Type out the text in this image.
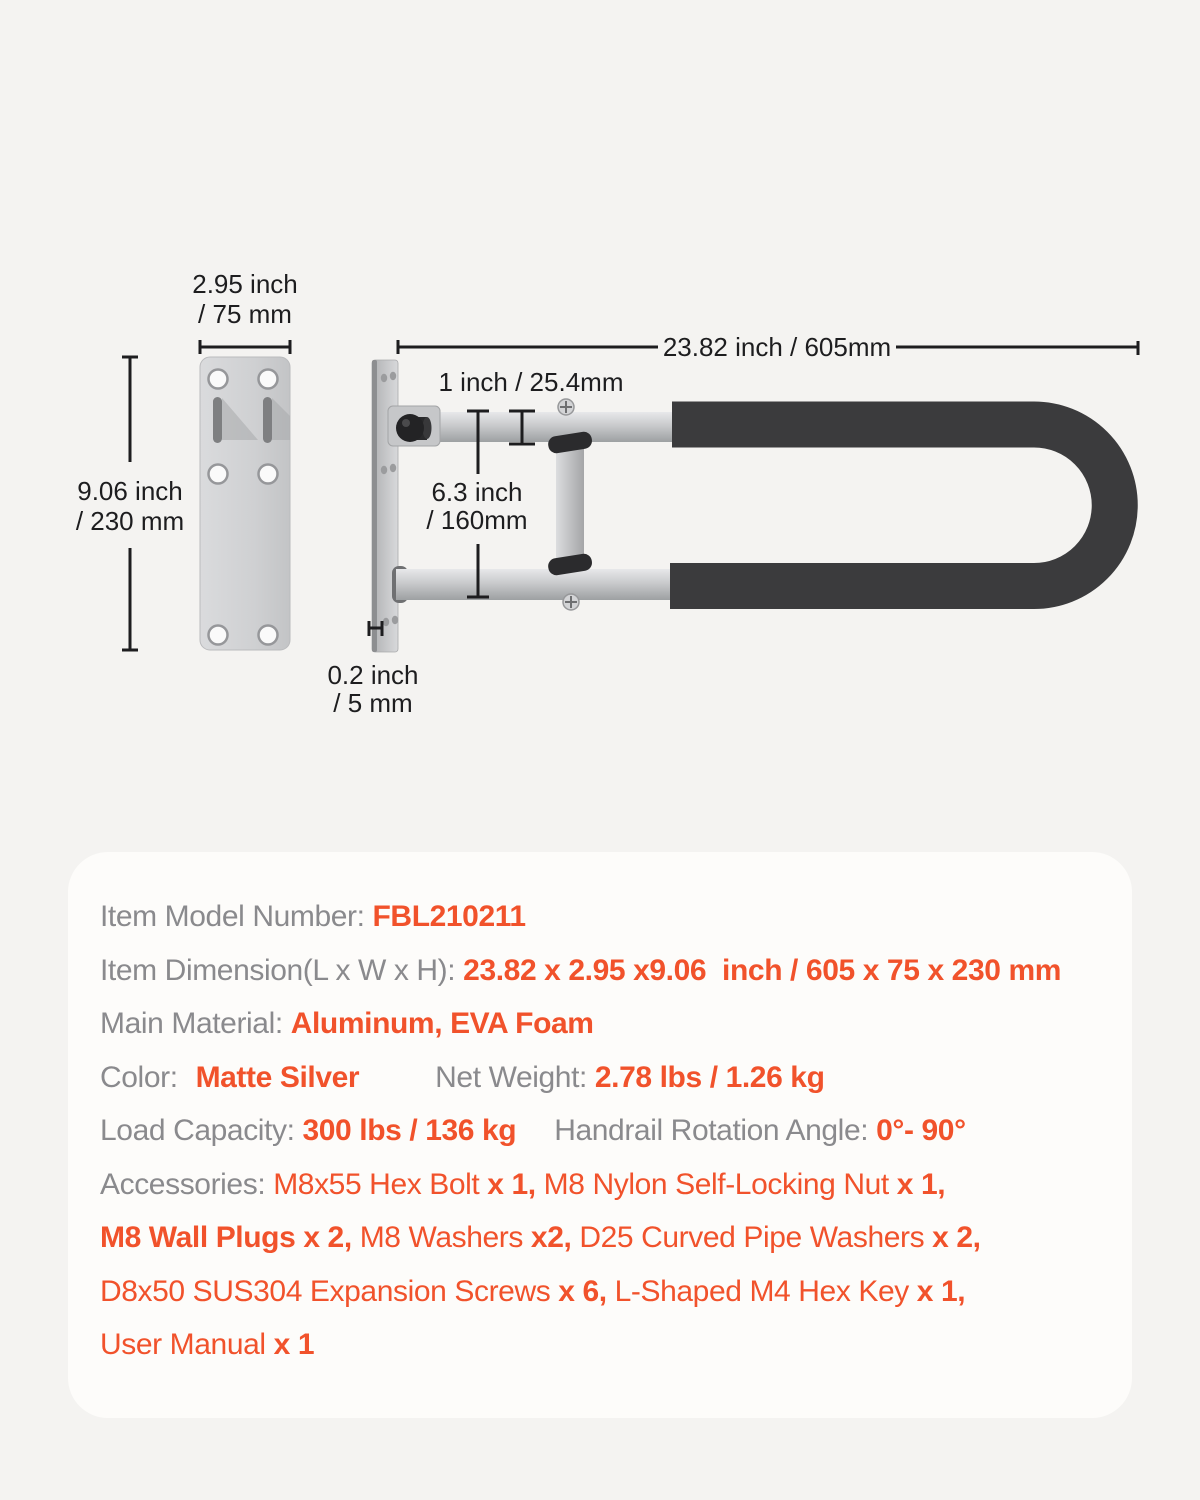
2.95 inch
/ 75 mm
9.06 inch
/ 230 mm
23.82 inch / 605mm
1 inch / 25.4mm
6.3 inch
/ 160mm
0.2 inch
/ 5 mm
Item Model Number: FBL210211
Item Dimension(L x W x H): 23.82 x 2.95 x9.06  inch / 605 x 75 x 230 mm
Main Material: Aluminum, EVA Foam
Color: Matte Silver	Net Weight: 2.78 lbs / 1.26 kg
Load Capacity: 300 lbs / 136 kg Handrail Rotation Angle: 0°- 90°
Accessories: M8x55 Hex Bolt x 1, M8 Nylon Self-Locking Nut x 1,
M8 Wall Plugs x 2, M8 Washers x2, D25 Curved Pipe Washers x 2,
D8x50 SUS304 Expansion Screws x 6, L-Shaped M4 Hex Key x 1,
User Manual x 1
